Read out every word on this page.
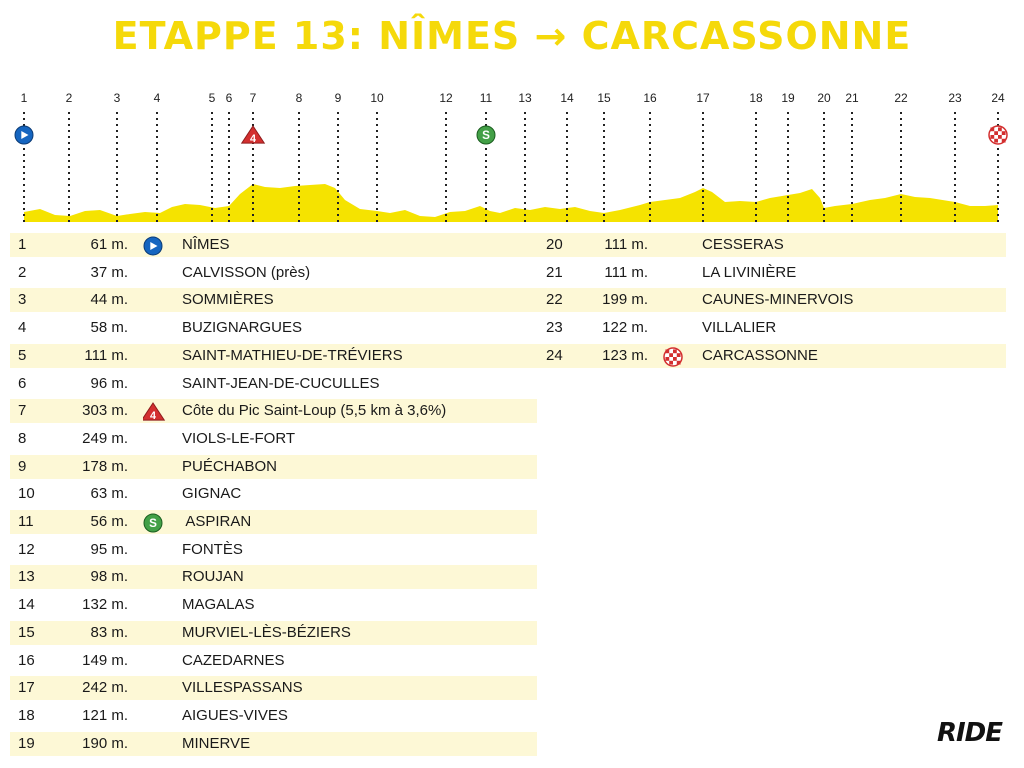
ETAPPE 13: NÎMES → CARCASSONNE
1	2	3	4	5 6 7	8	9 10	12 11 13 14 15	16	17	18 19 20 21	22	23 24
4	S
1	61 m.	NÎMES
2	37 m.	CALVISSON (près)
3	44 m.	SOMMIÈRES
4	58 m.	BUZIGNARGUES
5	111 m.	SAINT-MATHIEU-DE-TRÉVIERS
6	96 m.	SAINT-JEAN-DE-CUCULLES
7	303 m. 4 Côte du Pic Saint-Loup (5,5 km à 3,6%)
8	249 m.	VIOLS-LE-FORT
9	178 m.	PUÉCHABON
10	63 m.	GIGNAC
11	56 m. S ASPIRAN
12	95 m.	FONTÈS
13	98 m.	ROUJAN
14	132 m.	MAGALAS
15	83 m.	MURVIEL-LÈS-BÉZIERS
16	149 m.	CAZEDARNES
17	242 m.	VILLESPASSANS
18	121 m.	AIGUES-VIVES
19	190 m.	MINERVE
20	111 m.	CESSERAS
21	111 m.	LA LIVINIÈRE
22	199 m.	CAUNES-MINERVOIS
23	122 m.	VILLALIER
24	123 m.	CARCASSONNE
RIDE
